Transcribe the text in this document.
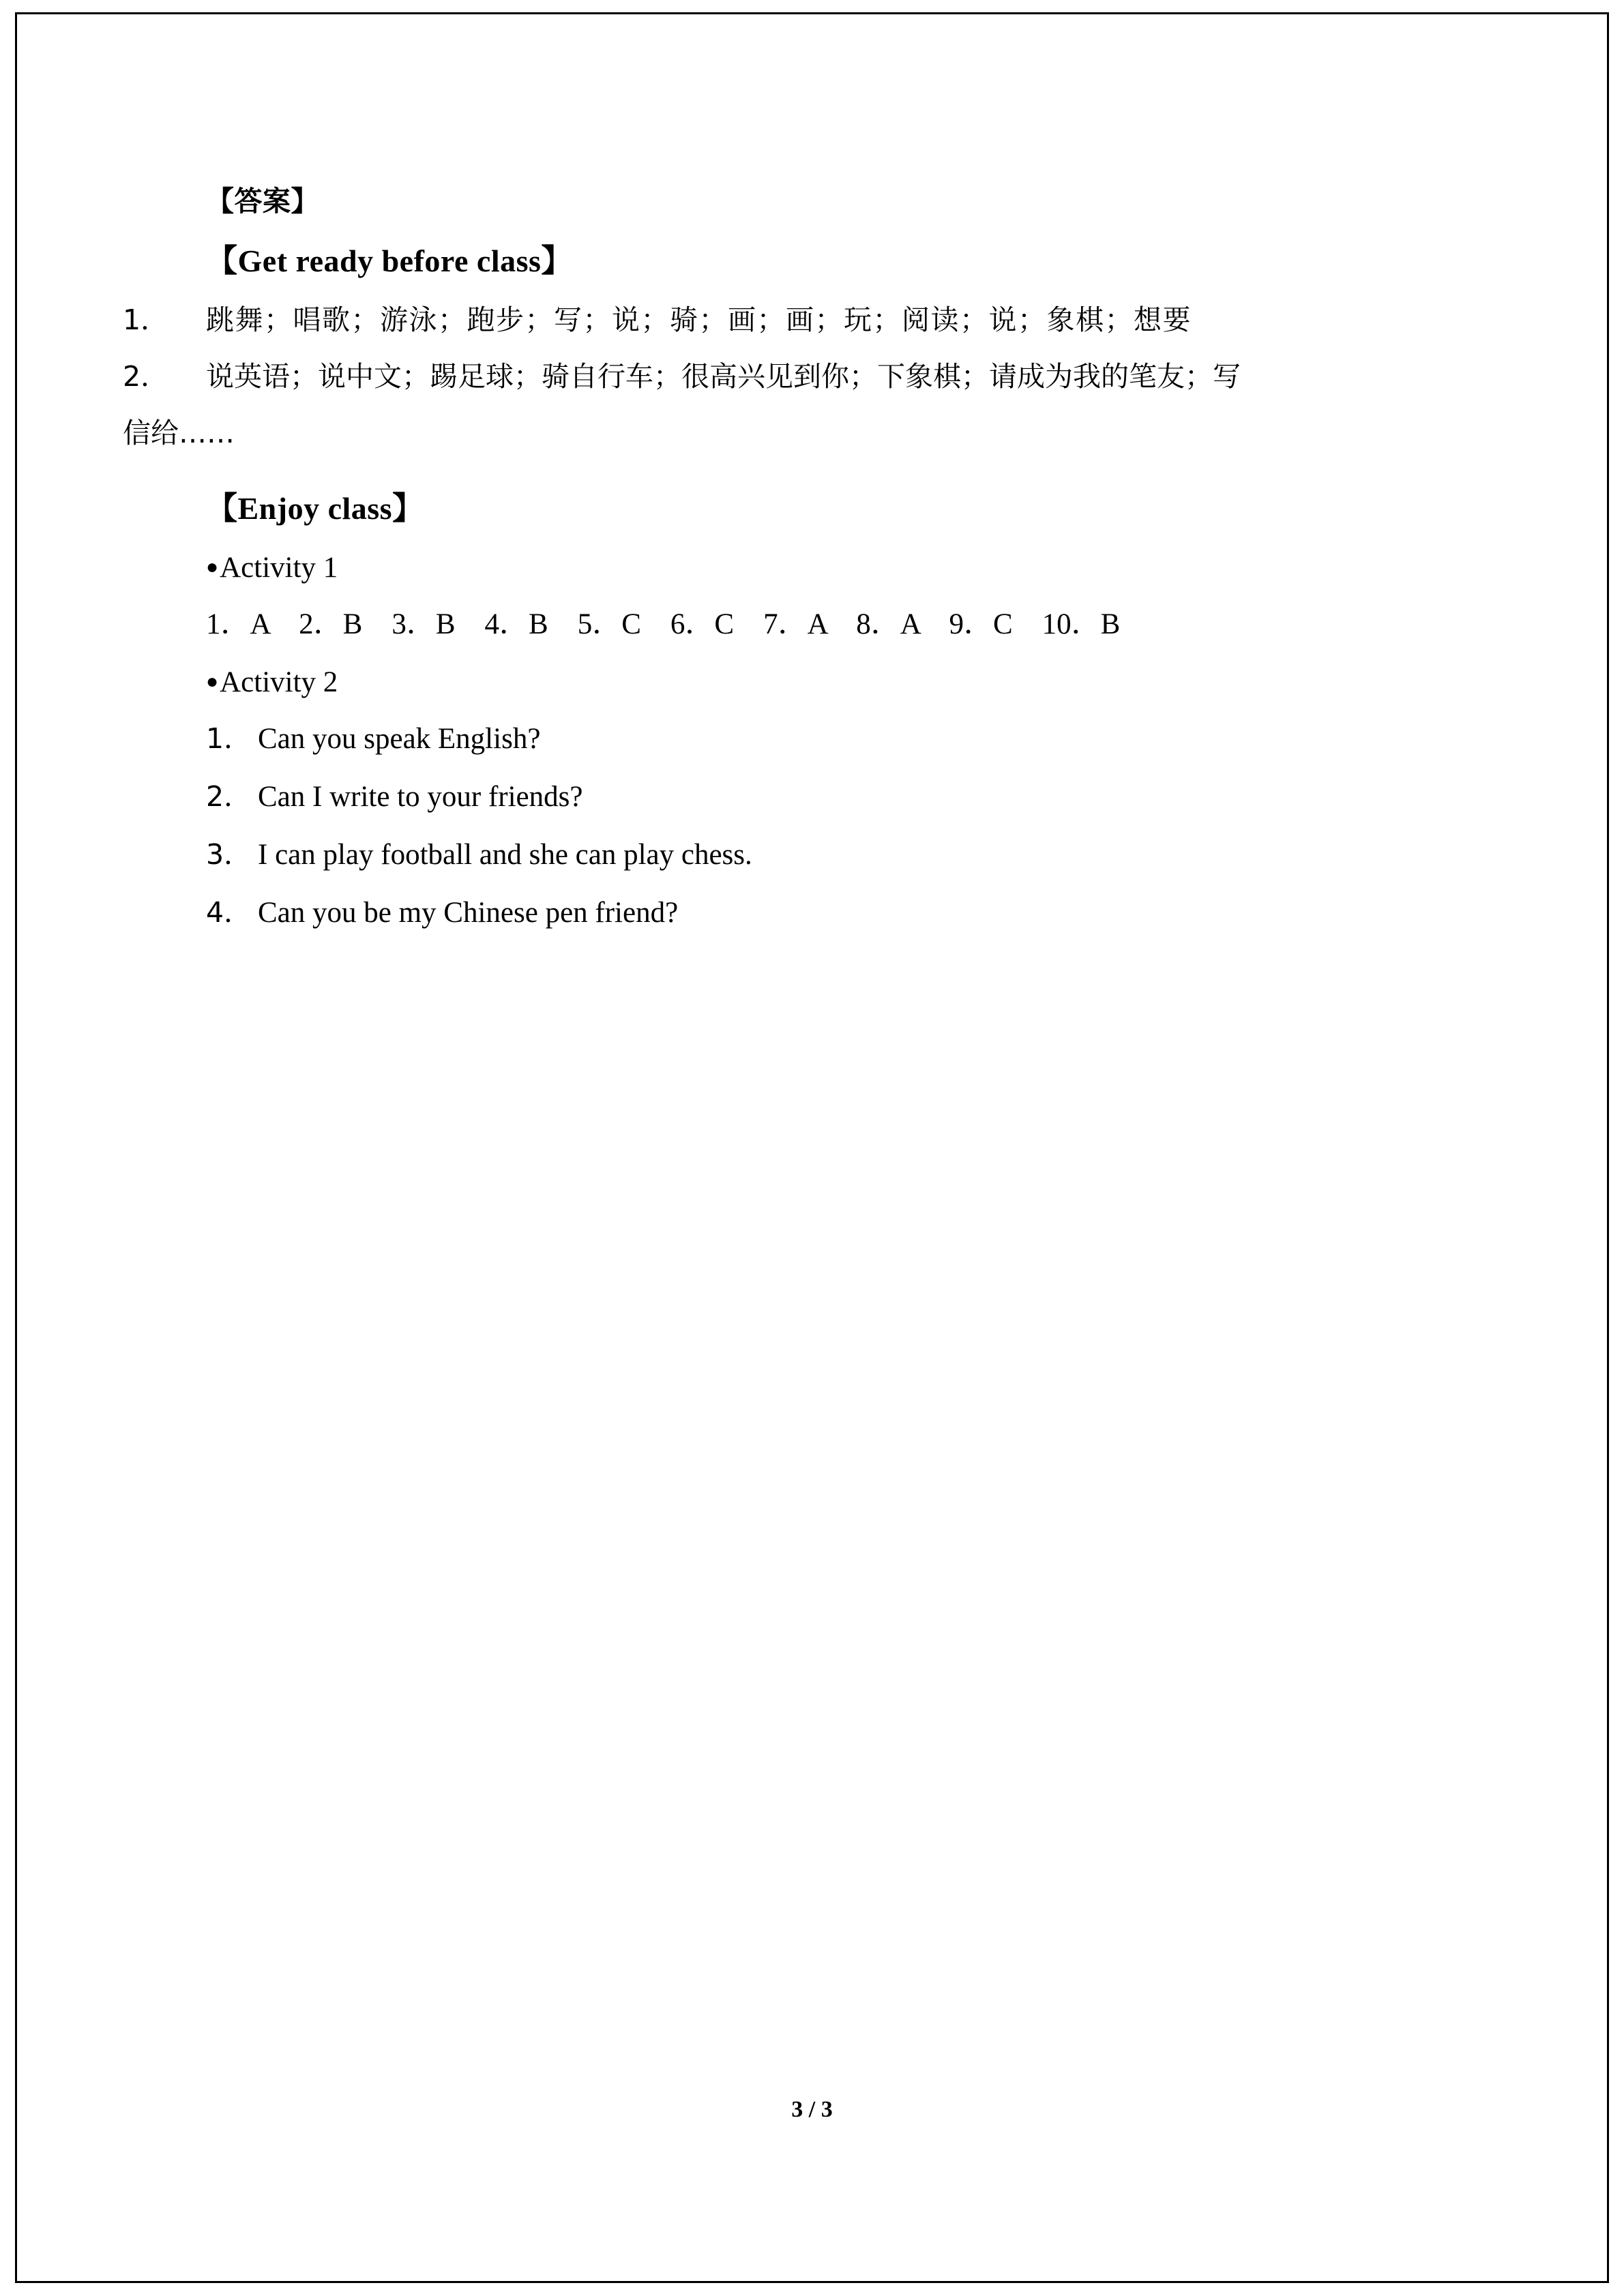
【答案】
【Get ready before class】
1． 跳舞；唱歌；游泳；跑步；写；说；骑；画；画；玩；阅读；说；象棋；想要
2． 说英语；说中文；踢足球；骑自行车；很高兴见到你；下象棋；请成为我的笔友；写
信给……
【Enjoy class】
●Activity 1
1．A    2．B    3．B    4．B    5．C    6．C    7．A    8．A    9．C    10．B
●Activity 2
1． Can you speak English?
2． Can I write to your friends?
3． I can play football and she can play chess.
4． Can you be my Chinese pen friend?
3 / 3
